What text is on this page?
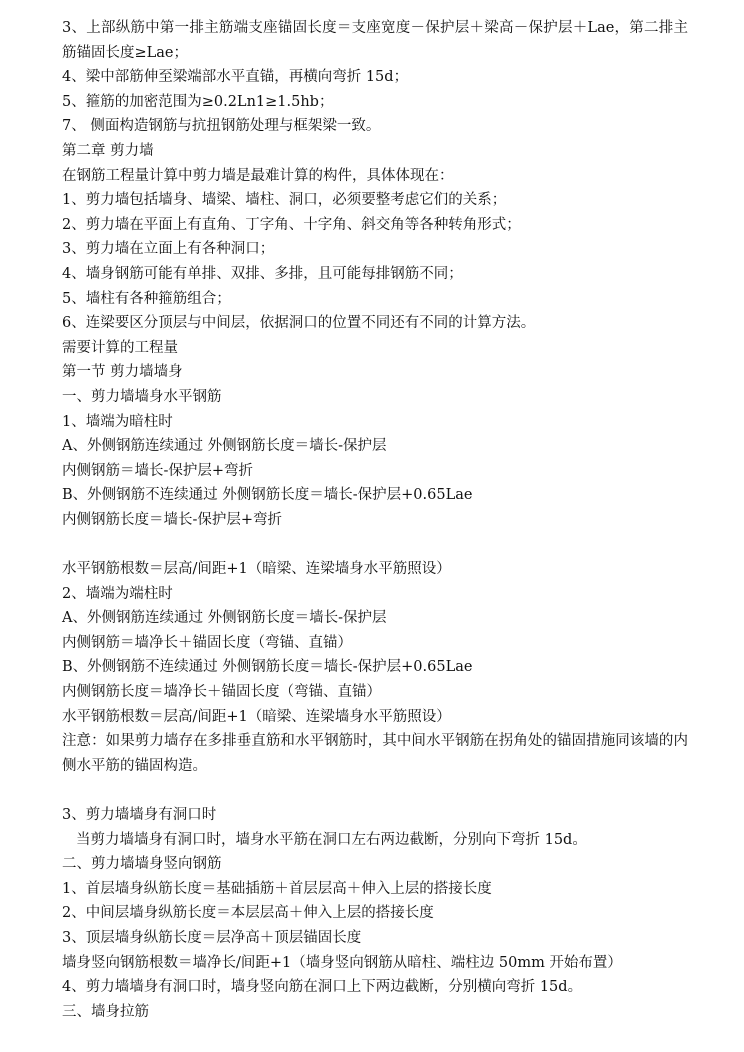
3、上部纵筋中第一排主筋端支座锚固长度＝支座宽度－保护层＋梁高－保护层＋Lae，第二排主筋锚固长度≥Lae；
4、梁中部筋伸至梁端部水平直锚，再横向弯折 15d；
5、箍筋的加密范围为≥0.2Ln1≥1.5hb；
7、 侧面构造钢筋与抗扭钢筋处理与框架梁一致。
第二章 剪力墙
在钢筋工程量计算中剪力墙是最难计算的构件，具体体现在：
1、剪力墙包括墙身、墙梁、墙柱、洞口，必须要整考虑它们的关系；
2、剪力墙在平面上有直角、丁字角、十字角、斜交角等各种转角形式；
3、剪力墙在立面上有各种洞口；
4、墙身钢筋可能有单排、双排、多排，且可能每排钢筋不同；
5、墙柱有各种箍筋组合；
6、连梁要区分顶层与中间层，依据洞口的位置不同还有不同的计算方法。
需要计算的工程量
第一节 剪力墙墙身
一、剪力墙墙身水平钢筋
1、墙端为暗柱时
A、外侧钢筋连续通过 外侧钢筋长度＝墙长-保护层
内侧钢筋＝墙长-保护层+弯折
B、外侧钢筋不连续通过 外侧钢筋长度＝墙长-保护层+0.65Lae
内侧钢筋长度＝墙长-保护层+弯折
水平钢筋根数＝层高/间距+1（暗梁、连梁墙身水平筋照设）
2、墙端为端柱时
A、外侧钢筋连续通过 外侧钢筋长度＝墙长-保护层
内侧钢筋＝墙净长＋锚固长度（弯锚、直锚）
B、外侧钢筋不连续通过 外侧钢筋长度＝墙长-保护层+0.65Lae
内侧钢筋长度＝墙净长＋锚固长度（弯锚、直锚）
水平钢筋根数＝层高/间距+1（暗梁、连梁墙身水平筋照设）
注意：如果剪力墙存在多排垂直筋和水平钢筋时，其中间水平钢筋在拐角处的锚固措施同该墙的内侧水平筋的锚固构造。
3、剪力墙墙身有洞口时
当剪力墙墙身有洞口时，墙身水平筋在洞口左右两边截断，分别向下弯折 15d。
二、剪力墙墙身竖向钢筋
1、首层墙身纵筋长度＝基础插筋＋首层层高＋伸入上层的搭接长度
2、中间层墙身纵筋长度＝本层层高＋伸入上层的搭接长度
3、顶层墙身纵筋长度＝层净高＋顶层锚固长度
墙身竖向钢筋根数＝墙净长/间距+1（墙身竖向钢筋从暗柱、端柱边 50mm 开始布置）
4、剪力墙墙身有洞口时，墙身竖向筋在洞口上下两边截断，分别横向弯折 15d。
三、墙身拉筋
